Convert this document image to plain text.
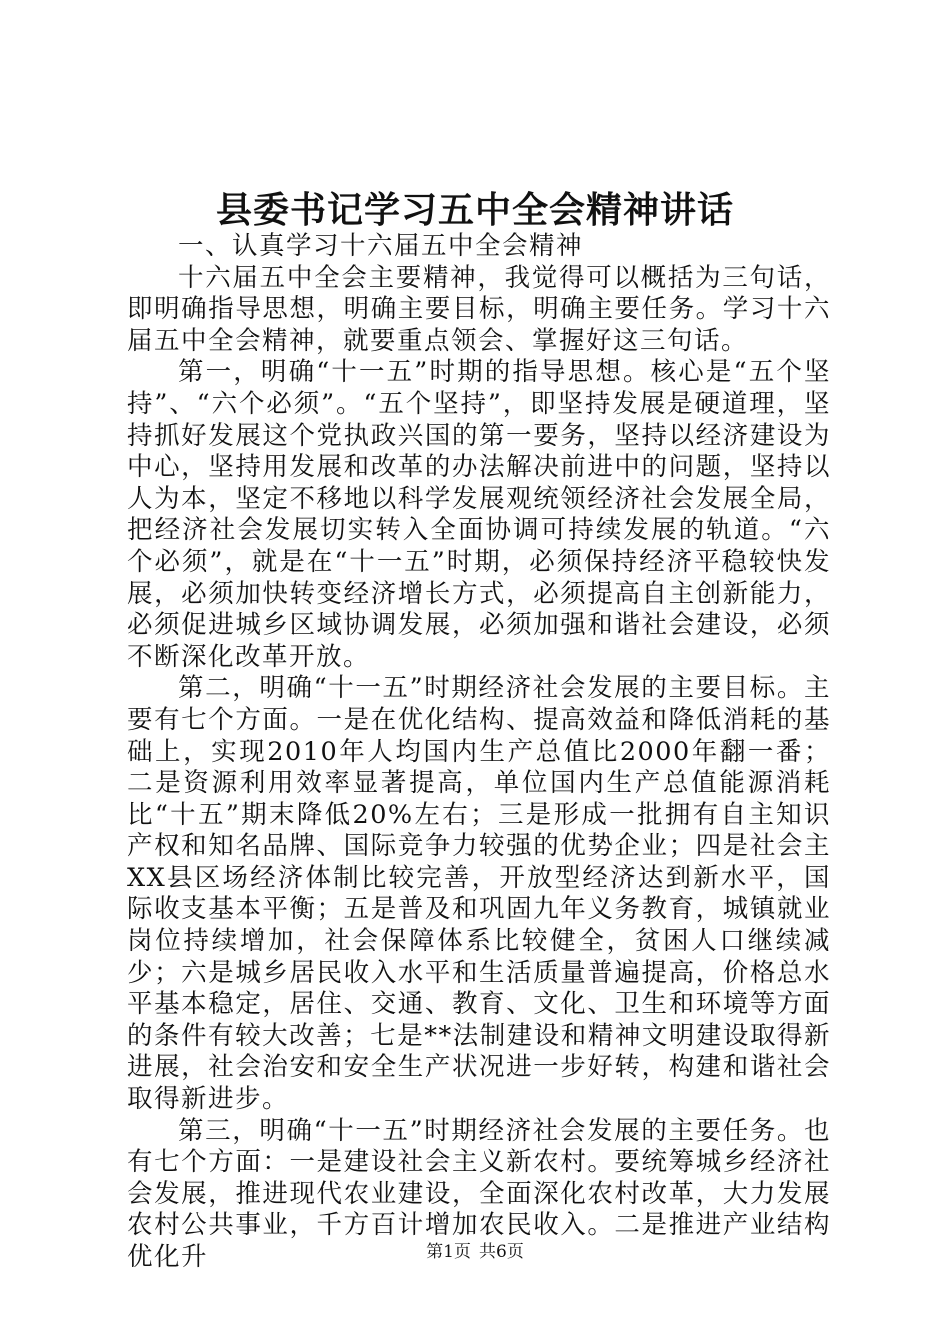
县委书记学习五中全会精神讲话

一、认真学习十六届五中全会精神

十六届五中全会主要精神，我觉得可以概括为三句话，即明确指导思想，明确主要目标，明确主要任务。学习十六届五中全会精神，就要重点领会、掌握好这三句话。

第一，明确“十一五”时期的指导思想。核心是“五个坚持”、“六个必须”。“五个坚持”，即坚持发展是硬道理，坚持抓好发展这个党执政兴国的第一要务，坚持以经济建设为中心，坚持用发展和改革的办法解决前进中的问题，坚持以人为本，坚定不移地以科学发展观统领经济社会发展全局，把经济社会发展切实转入全面协调可持续发展的轨道。“六个必须”，就是在“十一五”时期，必须保持经济平稳较快发展，必须加快转变经济增长方式，必须提高自主创新能力，必须促进城乡区域协调发展，必须加强和谐社会建设，必须不断深化改革开放。

第二，明确“十一五”时期经济社会发展的主要目标。主要有七个方面。一是在优化结构、提高效益和降低消耗的基础上，实现2010年人均国内生产总值比2000年翻一番；二是资源利用效率显著提高，单位国内生产总值能源消耗比“十五”期末降低20%左右；三是形成一批拥有自主知识产权和知名品牌、国际竞争力较强的优势企业；四是社会主XX县区场经济体制比较完善，开放型经济达到新水平，国际收支基本平衡；五是普及和巩固九年义务教育，城镇就业岗位持续增加，社会保障体系比较健全，贫困人口继续减少；六是城乡居民收入水平和生活质量普遍提高，价格总水平基本稳定，居住、交通、教育、文化、卫生和环境等方面的条件有较大改善；七是**法制建设和精神文明建设取得新进展，社会治安和安全生产状况进一步好转，构建和谐社会取得新进步。

第三，明确“十一五”时期经济社会发展的主要任务。也有七个方面：一是建设社会主义新农村。要统筹城乡经济社会发展，推进现代农业建设，全面深化农村改革，大力发展农村公共事业，千方百计增加农民收入。二是推进产业结构优化升	第1页 共6页
